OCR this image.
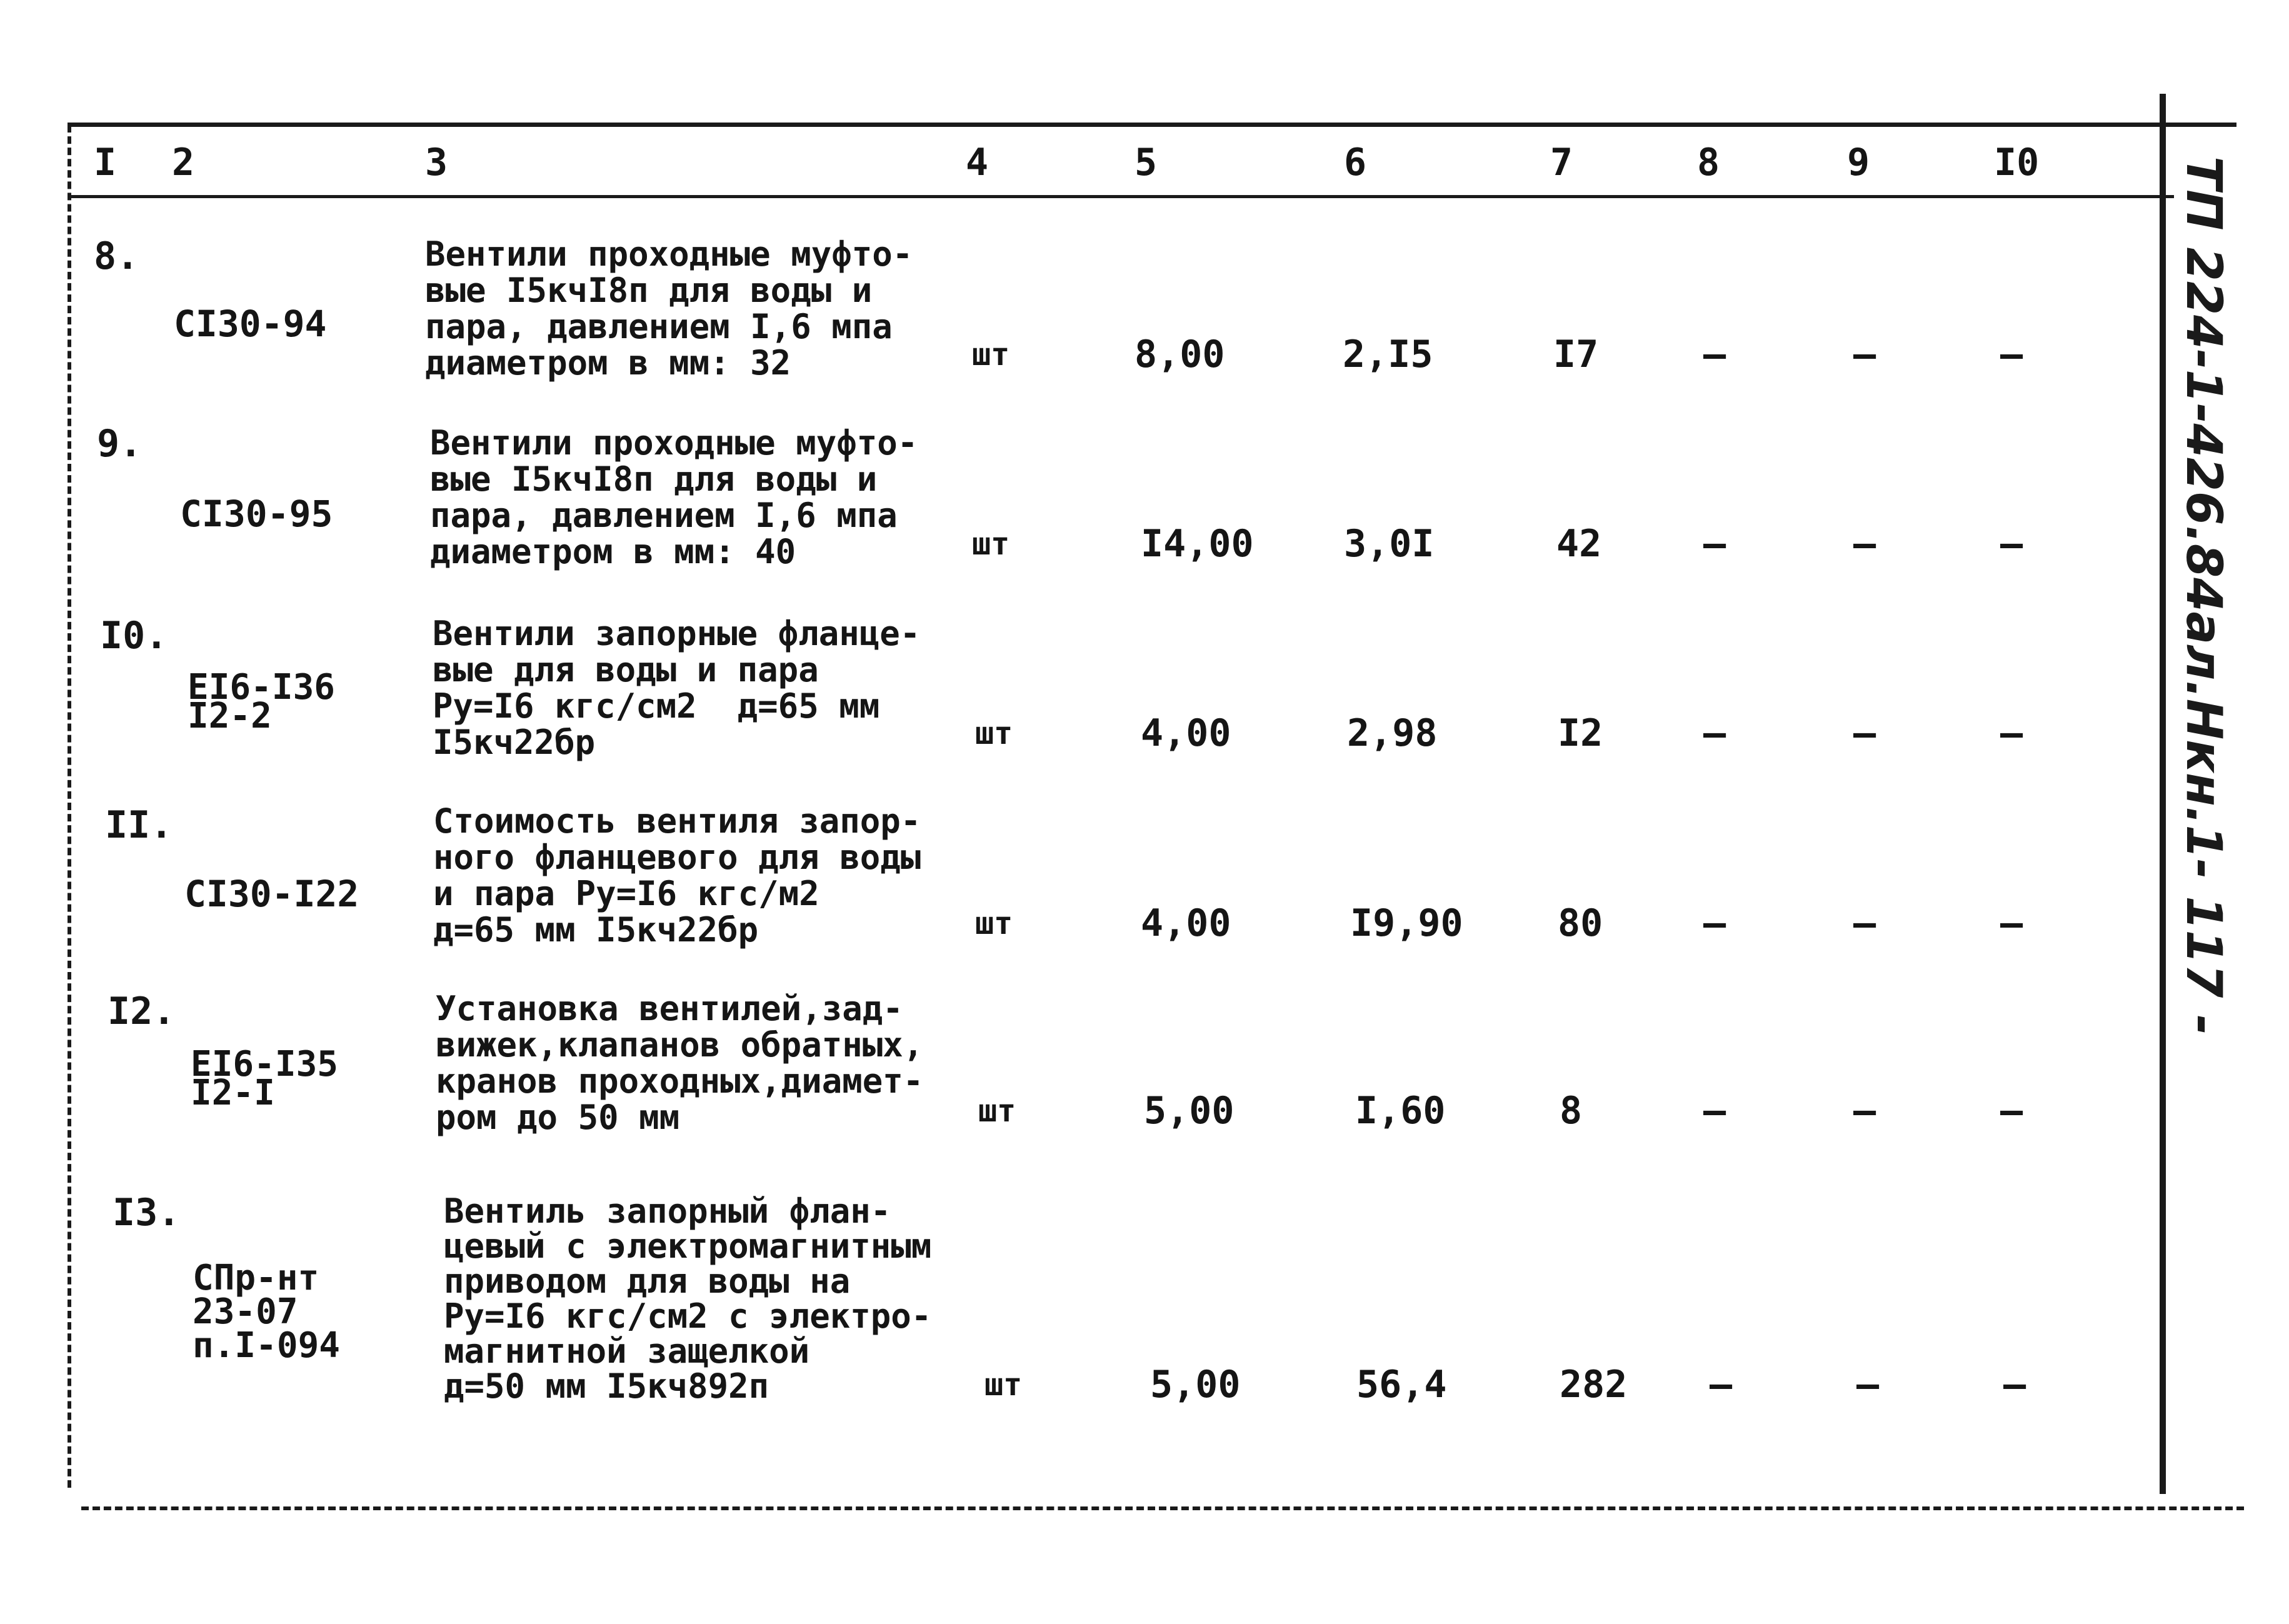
I 2	3	4	5	6	7	8	9	I0
8.

CI30-94

Вентили проходные муфто-
вые I5кчI8п для воды и
пара, давлением I,6 мпа
диаметром в мм: 32	шт	8,00	2,I5	I7	–	–	–
9.

CI30-95

Вентили проходные муфто-
вые I5кчI8п для воды и
пара, давлением I,6 мпа
диаметром в мм: 40	шт	I4,00 3,0I	42	–	–	–
I0.

EI6-I36
I2-2

Вентили запорные фланце-
вые для воды и пара
Ру=I6 кгс/см2  д=65 мм
I5кч22бр	шт	4,00	2,98	I2	–	–	–
II.

CI30-I22

Стоимость вентиля запор-
ного фланцевого для воды
и пара Ру=I6 кгс/м2
д=65 мм I5кч22бр	шт	4,00	I9,90	80	–	–	–
I2.

EI6-I35
I2-I

Установка вентилей,зад-
вижек,клапанов обратных,
кранов проходных,диамет-
ром до 50 мм	шт	5,00	I,60	8	–	–	–
I3.

СПр-нт
23-07
п.I-094

Вентиль запорный флан-
цевый с электромагнитным
приводом для воды на
Ру=I6 кгс/см2 с электро-
магнитной защелкой
д=50 мм I5кч892п	шт	5,00	56,4	282 –	–	–
ТП 224-1-426.84ал.Нкн.1- 117 -
